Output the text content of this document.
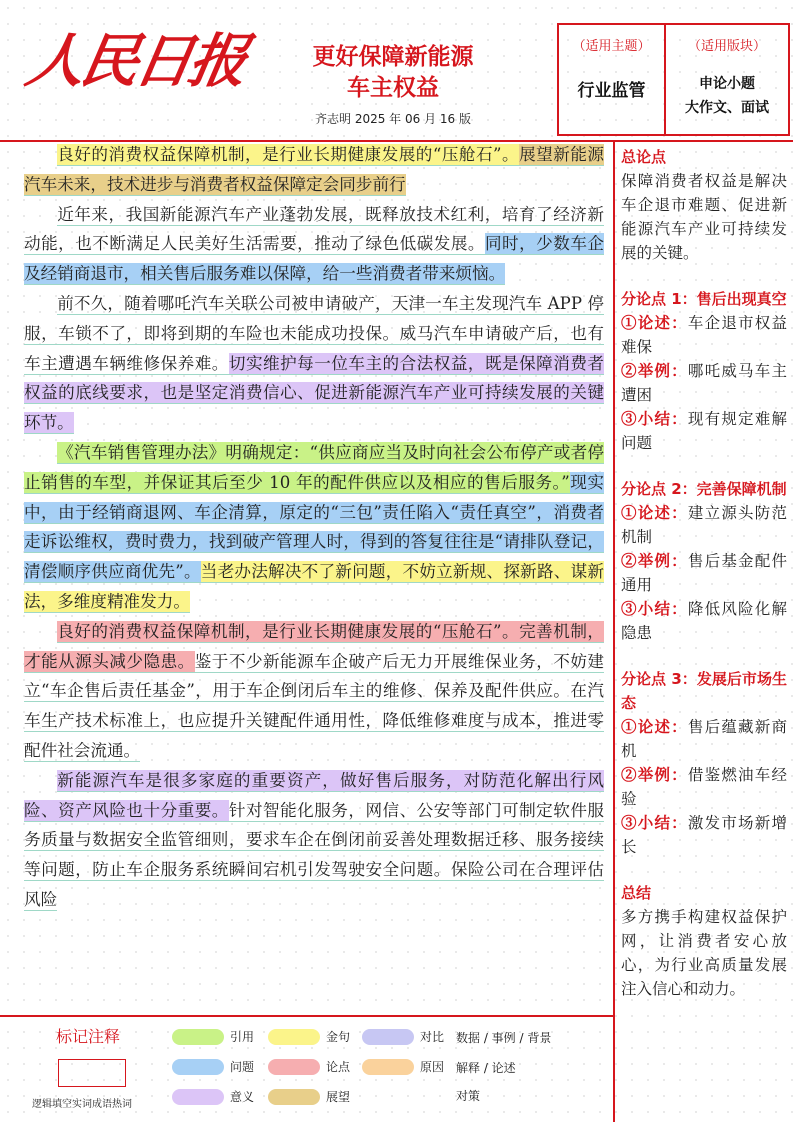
人民日报	更好保障新能源
车主权益
齐志明 2025 年 06 月 16 版
（适用主题）
行业监管
（适用版块）
申论小题
大作文、面试

良好的消费权益保障机制，是行业长期健康发展的“压舱石”。展望新能源汽车未来，技术进步与消费者权益保障定会同步前行

近年来，我国新能源汽车产业蓬勃发展，既释放技术红利，培育了经济新动能，也不断满足人民美好生活需要，推动了绿色低碳发展。同时，少数车企及经销商退市，相关售后服务难以保障，给一些消费者带来烦恼。

前不久，随着哪吒汽车关联公司被申请破产，天津一车主发现汽车 APP 停服，车锁不了，即将到期的车险也未能成功投保。威马汽车申请破产后，也有车主遭遇车辆维修保养难。切实维护每一位车主的合法权益，既是保障消费者权益的底线要求，也是坚定消费信心、促进新能源汽车产业可持续发展的关键环节。

《汽车销售管理办法》明确规定：“供应商应当及时向社会公布停产或者停止销售的车型，并保证其后至少 10 年的配件供应以及相应的售后服务。”现实中，由于经销商退网、车企清算，原定的“三包”责任陷入“责任真空”，消费者走诉讼维权，费时费力，找到破产管理人时，得到的答复往往是“请排队登记，清偿顺序供应商优先”。当老办法解决不了新问题，不妨立新规、探新路、谋新法，多维度精准发力。

良好的消费权益保障机制，是行业长期健康发展的“压舱石”。完善机制，才能从源头减少隐患。鉴于不少新能源车企破产后无力开展维保业务，不妨建立“车企售后责任基金”，用于车企倒闭后车主的维修、保养及配件供应。在汽车生产技术标准上，也应提升关键配件通用性，降低维修难度与成本，推进零配件社会流通。

新能源汽车是很多家庭的重要资产，做好售后服务，对防范化解出行风险、资产风险也十分重要。针对智能化服务，网信、公安等部门可制定软件服务质量与数据安全监管细则，要求车企在倒闭前妥善处理数据迁移、服务接续等问题，防止车企服务系统瞬间宕机引发驾驶安全问题。保险公司在合理评估风险

总论点
保障消费者权益是解决车企退市难题、促进新能源汽车产业可持续发展的关键。
分论点 1：售后出现真空
①论述：车企退市权益难保
②举例：哪吒威马车主遭困
③小结：现有规定难解问题
分论点 2：完善保障机制
①论述：建立源头防范机制
②举例：售后基金配件通用
③小结：降低风险化解隐患
分论点 3：发展后市场生态
①论述：售后蕴藏新商机
②举例：借鉴燃油车经验
③小结：激发市场新增长
总结
多方携手构建权益保护网，让消费者安心放心，为行业高质量发展注入信心和动力。
标记注释
逻辑填空实词成语热词
引用	金句	对比 数据 / 事例 / 背景
问题	论点	原因 解释 / 论述
意义	展望	对策
